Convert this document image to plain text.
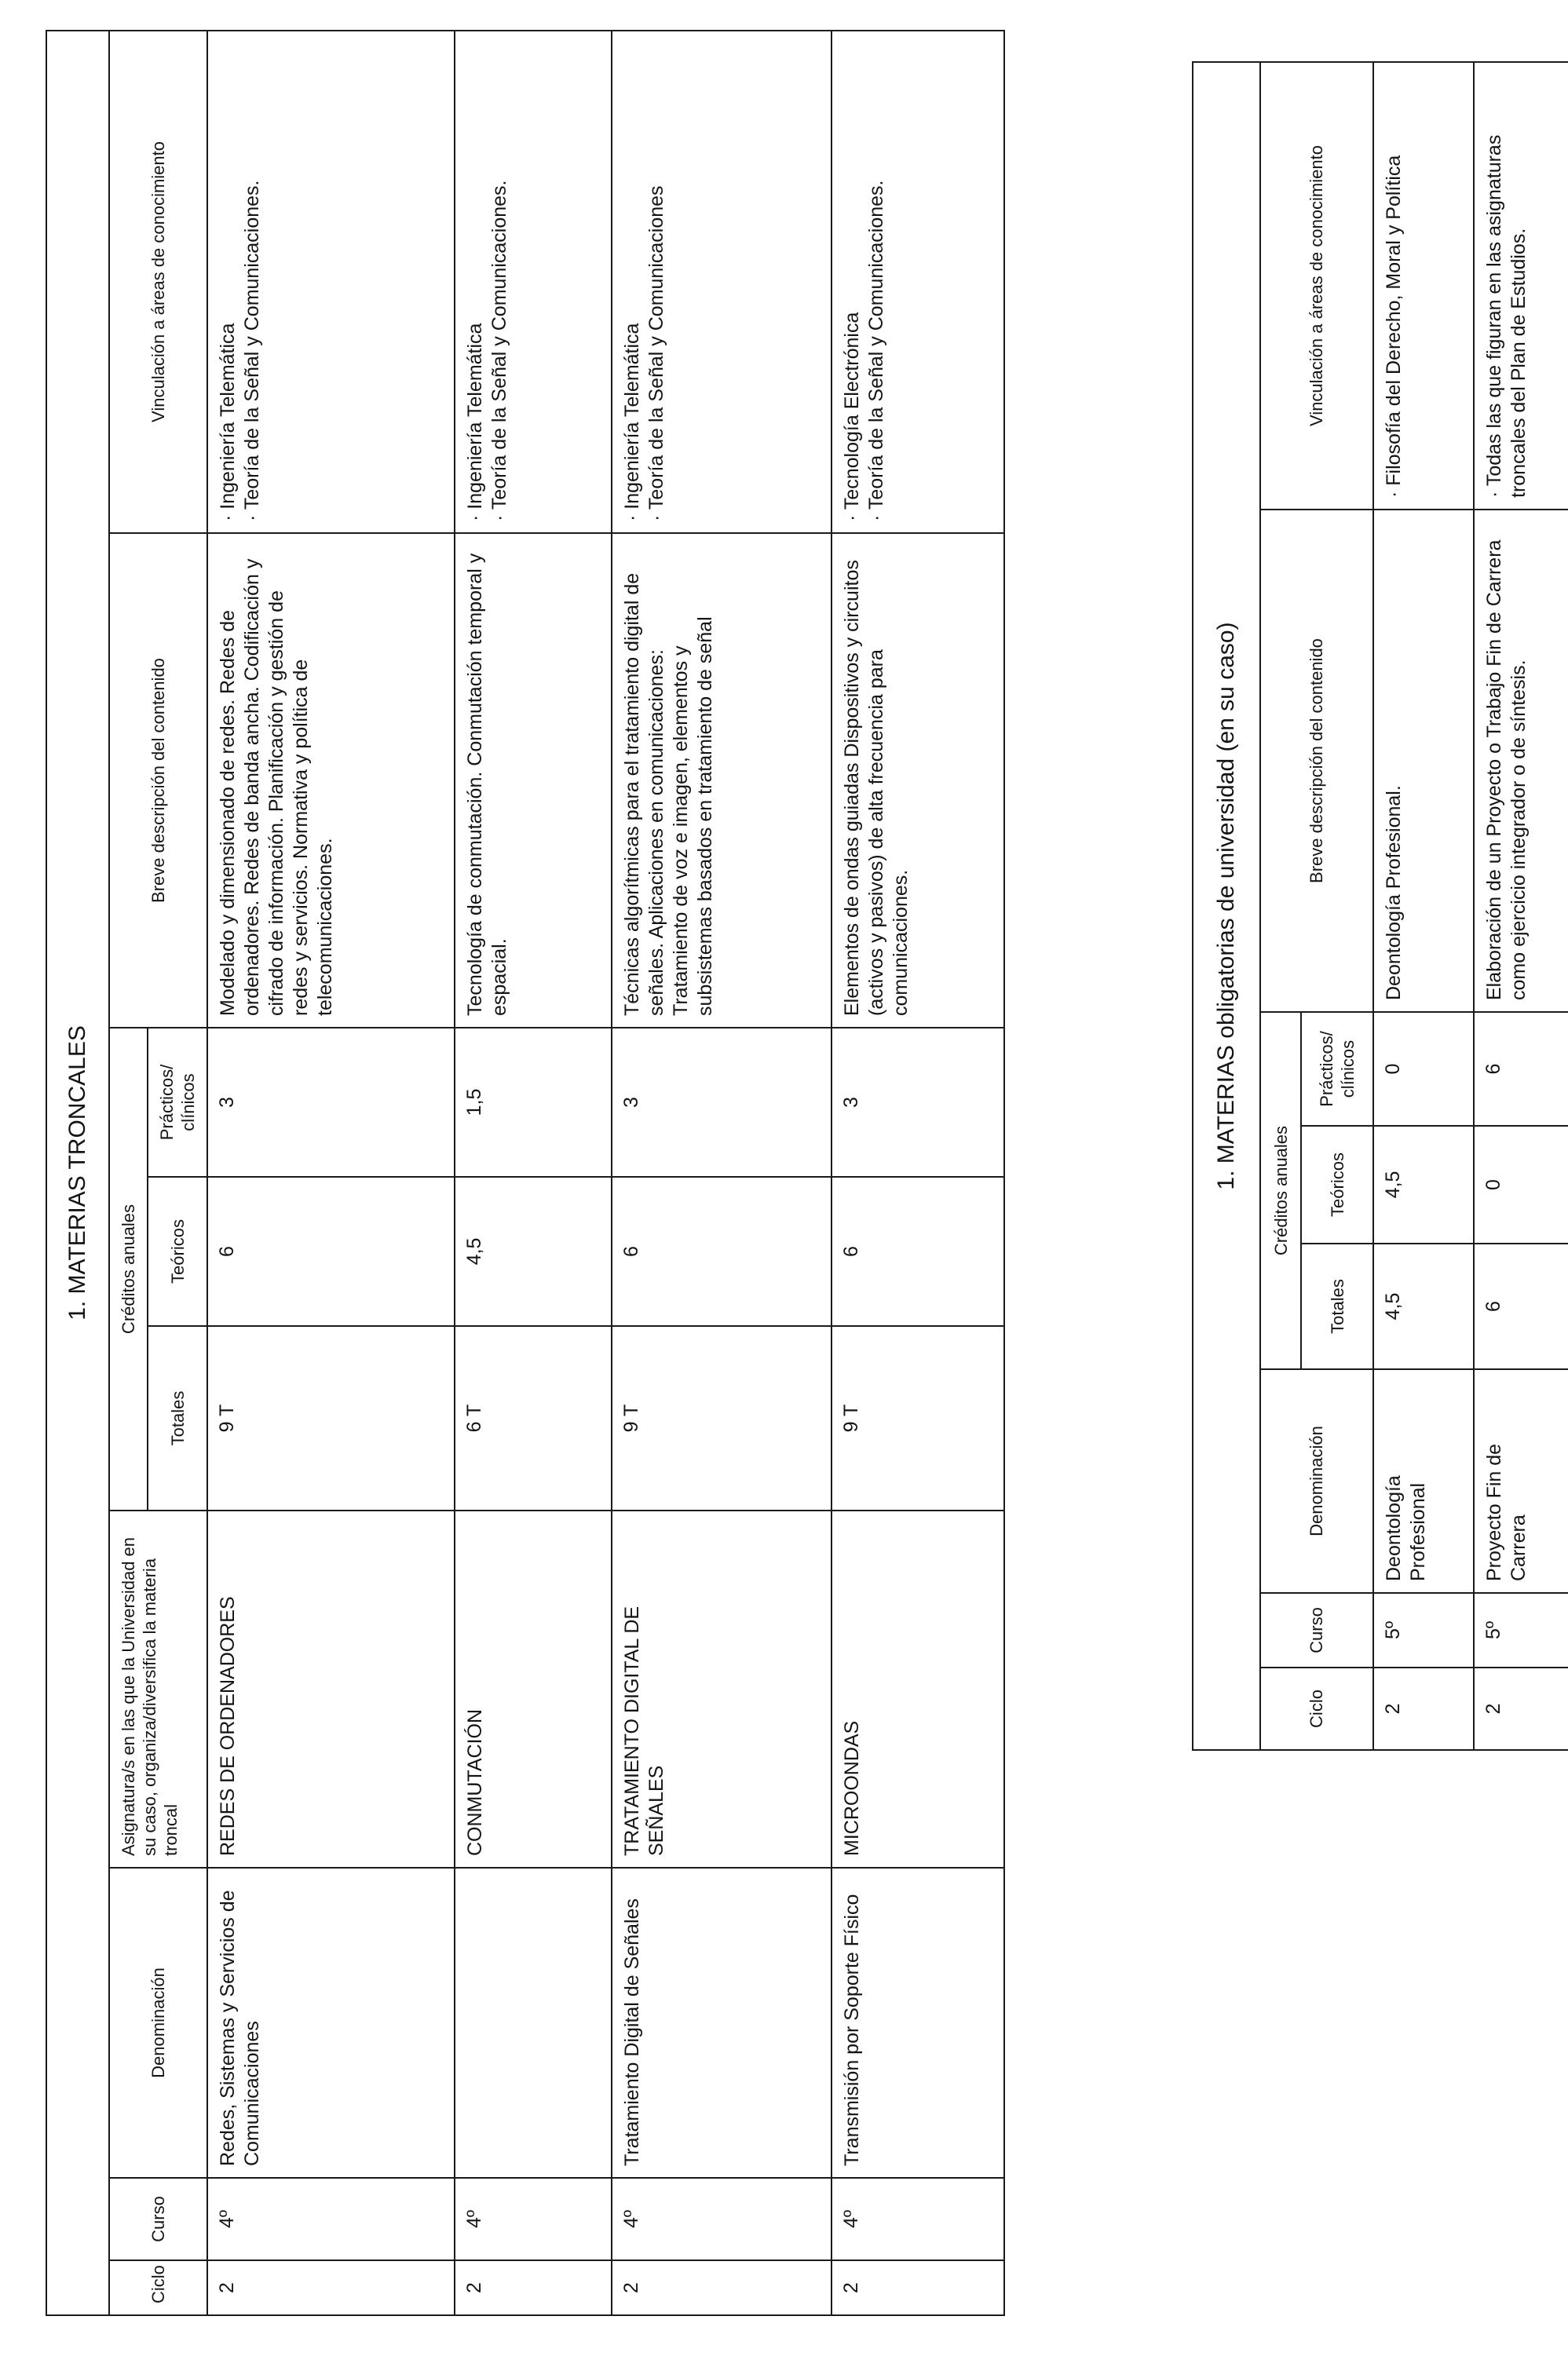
1. MATERIAS TRONCALES								
Ciclo	Curso	Denominación	Asignatura/s en las que la Universidad en su caso, organiza/diversifica la materia troncal	Créditos anuales			Breve descripción del contenido	Vinculación a áreas de conocimiento
				Totales	Teóricos	Prácticos/ clínicos		
2	4º	Redes, Sistemas y Servicios de Comunicaciones	REDES DE ORDENADORES	9 T	6	3	Modelado y dimensionado de redes. Redes de ordenadores. Redes de banda ancha. Codificación y cifrado de información. Planificación y gestión de redes y servicios. Normativa y política de telecomunicaciones.	· Ingeniería Telemática · Teoría de la Señal y Comunicaciones.

2	4º		CONMUTACIÓN	6 T	4,5	1,5	Tecnología de conmutación. Conmutación temporal y espacial.	· Ingeniería Telemática · Teoría de la Señal y Comunicaciones.

2	4º	Tratamiento Digital de Señales	TRATAMIENTO DIGITAL DE SEÑALES	9 T	6	3	Técnicas algorítmicas para el tratamiento digital de señales. Aplicaciones en comunicaciones: Tratamiento de voz e imagen, elementos y subsistemas basados en tratamiento de señal	· Ingeniería Telemática · Teoría de la Señal y Comunicaciones

2	4º	Transmisión por Soporte Físico	MICROONDAS	9 T	6	3	Elementos de ondas guiadas Dispositivos y circuitos (activos y pasivos) de alta frecuencia para comunicaciones.	· Tecnología Electrónica · Teoría de la Señal y Comunicaciones.
1. MATERIAS obligatorias de universidad (en su caso)							
Ciclo	Curso	Denominación	Créditos anuales			Breve descripción del contenido	Vinculación a áreas de conocimiento
			Totales	Teóricos	Prácticos/ clínicos		
2	5º	Deontología Profesional	4,5	4,5	0	Deontología Profesional.	· Filosofía del Derecho, Moral y Política
2	5º	Proyecto Fin de Carrera	6	0	6	Elaboración de un Proyecto o Trabajo Fin de Carrera como ejercicio integrador o de síntesis.	· Todas las que figuran en las asignaturas troncales del Plan de Estudios.
